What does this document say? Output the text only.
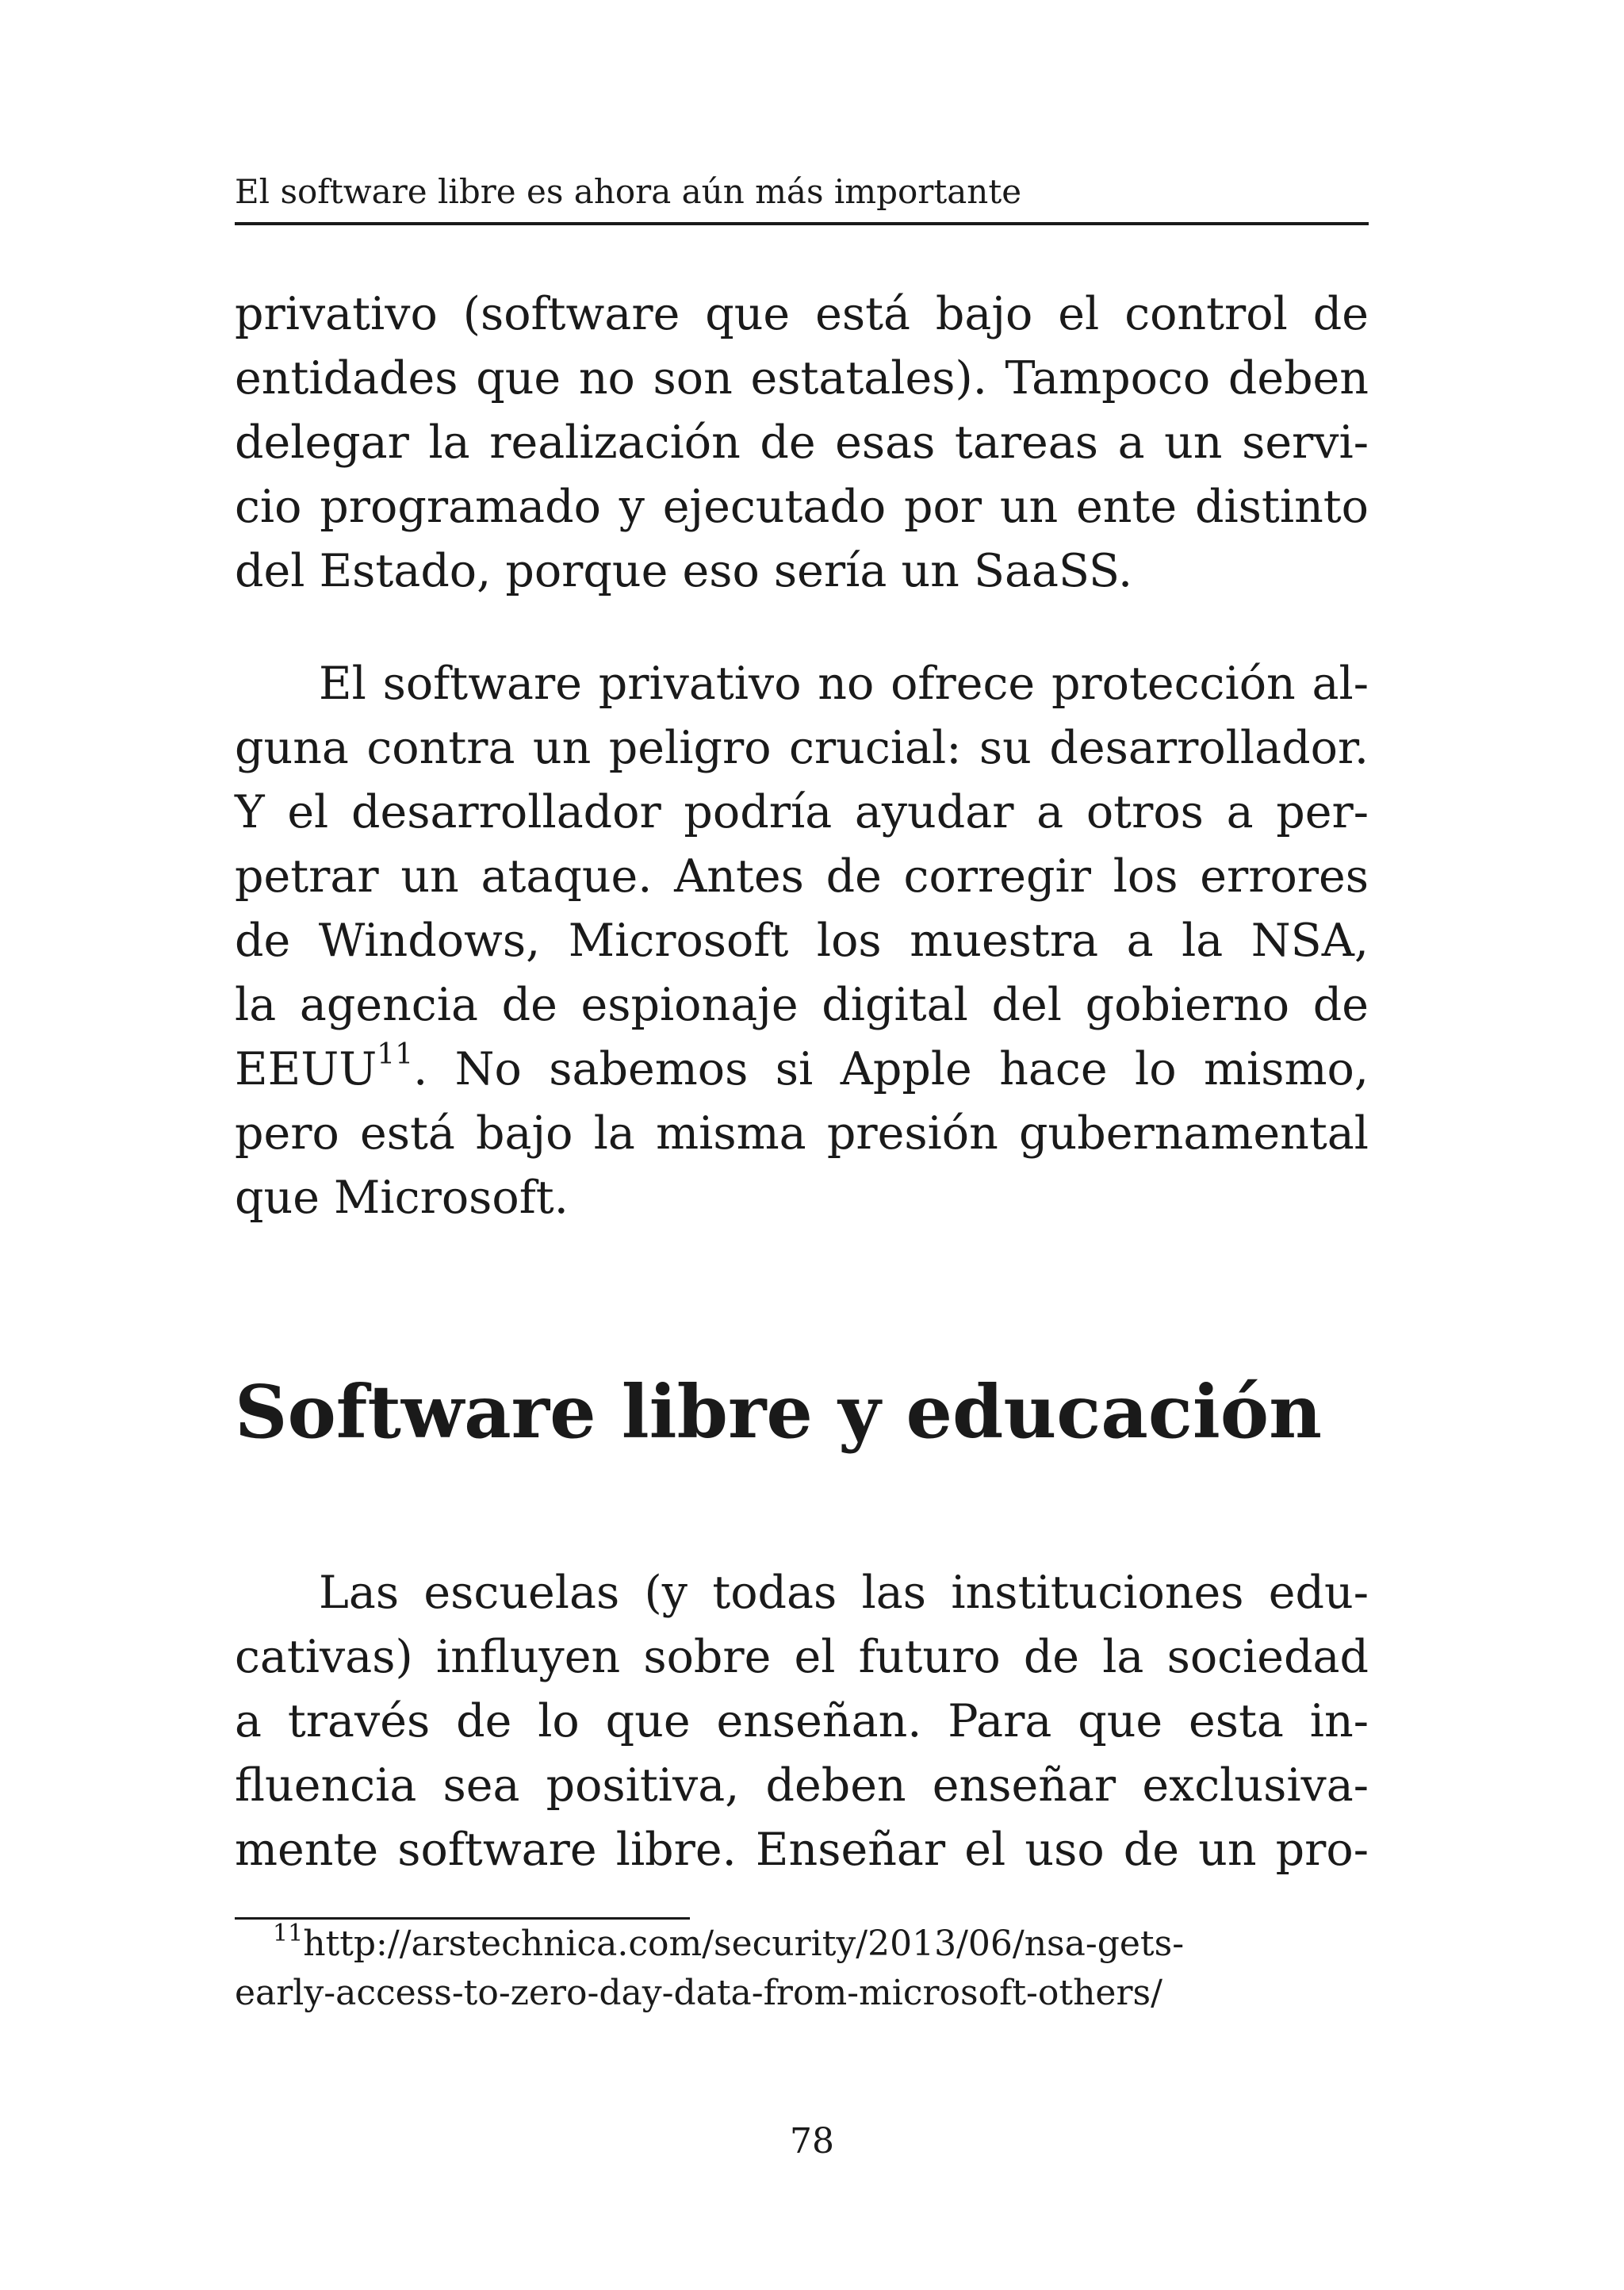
El software libre es ahora aún más importante
privativo (software que está bajo el control de
entidades que no son estatales). Tampoco deben
delegar la realización de esas tareas a un servi-
cio programado y ejecutado por un ente distinto
del Estado, porque eso sería un SaaSS.
El software privativo no ofrece protección al-
guna contra un peligro crucial: su desarrollador.
Y el desarrollador podría ayudar a otros a per-
petrar un ataque. Antes de corregir los errores
de Windows, Microsoft los muestra a la NSA,
la agencia de espionaje digital del gobierno de
EEUU$^{11}$. No sabemos si Apple hace lo mismo,
pero está bajo la misma presión gubernamental
que Microsoft.
Software libre y educación
Las escuelas (y todas las instituciones edu-
cativas) influyen sobre el futuro de la sociedad
a través de lo que enseñan. Para que esta in-
fluencia sea positiva, deben enseñar exclusiva-
mente software libre. Enseñar el uso de un pro-
$^{11}$http://arstechnica.com/security/2013/06/nsa-gets-
early-access-to-zero-day-data-from-microsoft-others/
78
